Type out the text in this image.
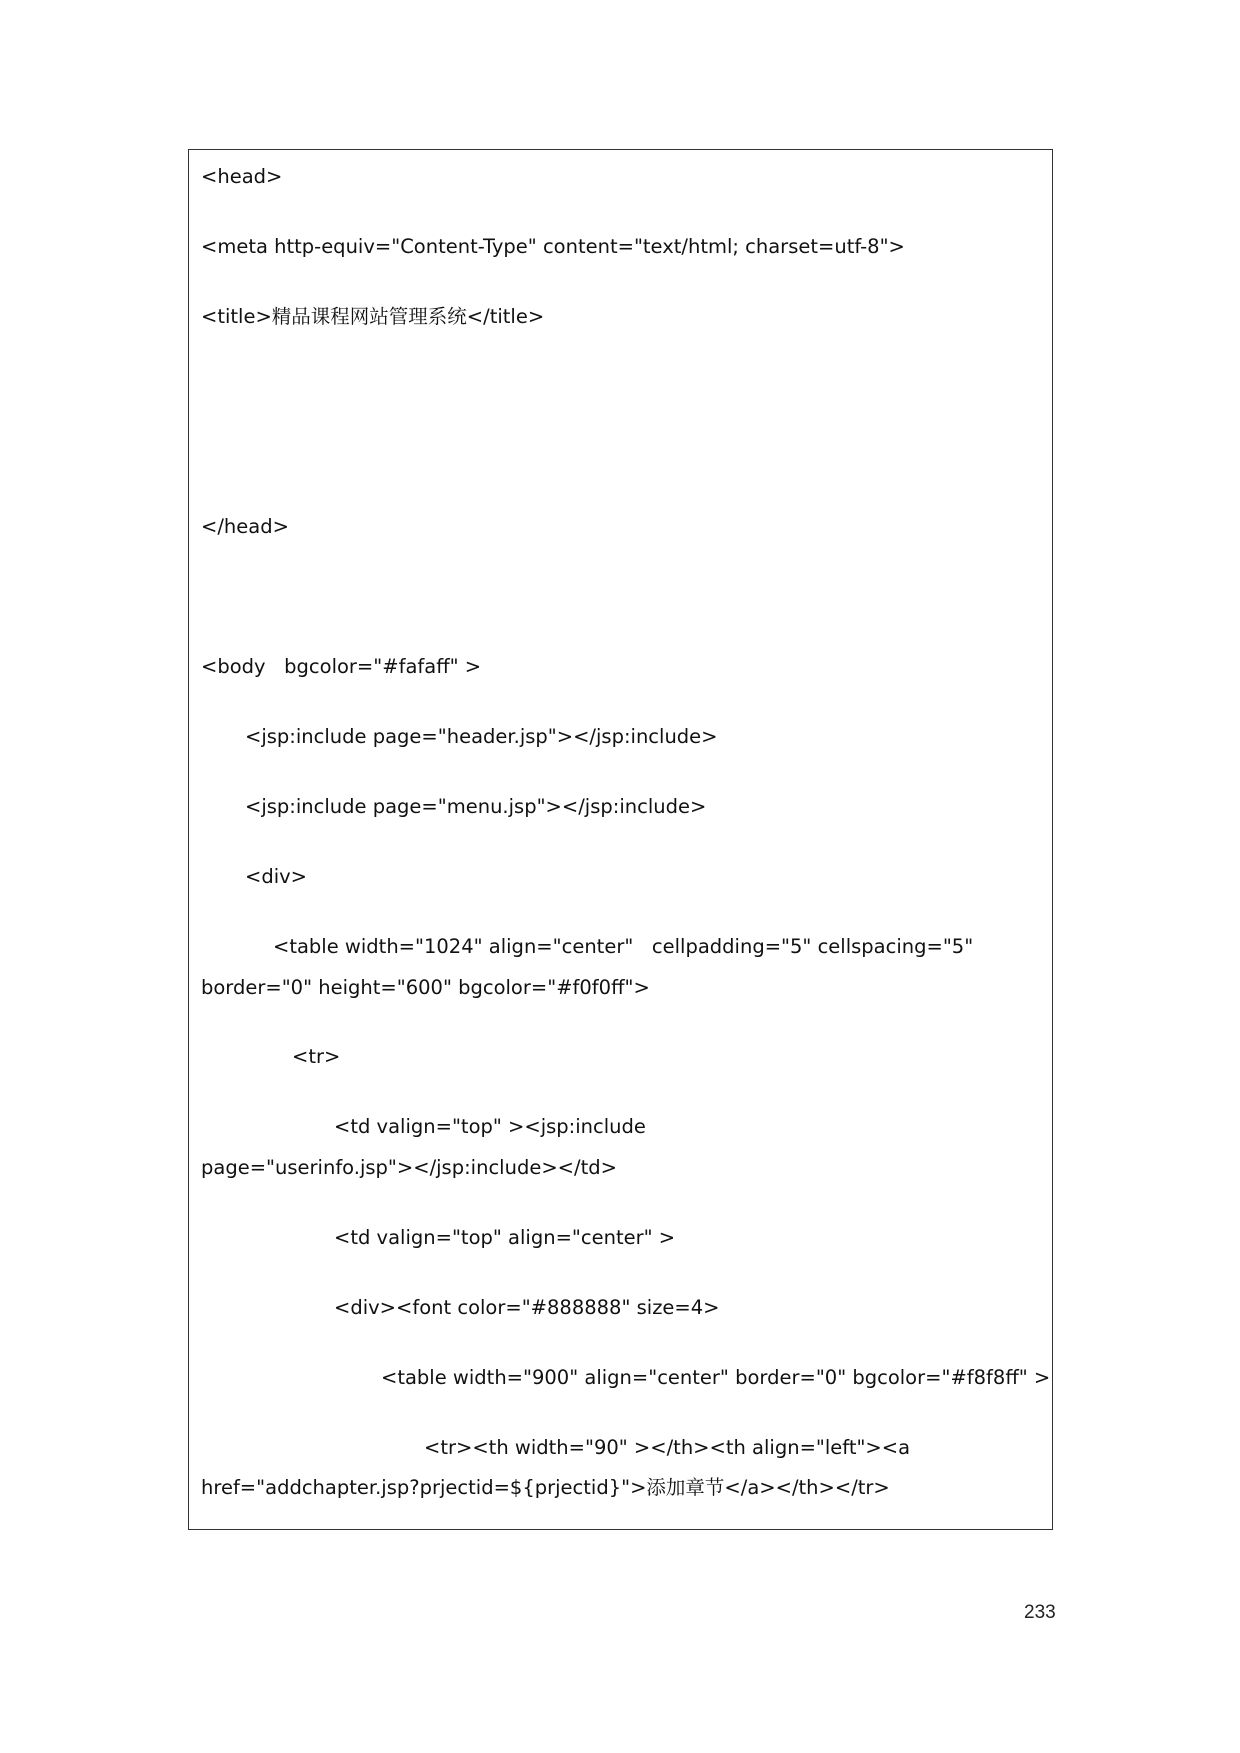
<head>
<meta http-equiv="Content-Type" content="text/html; charset=utf-8">
<title>精品课程网站管理系统</title>
</head>
<body   bgcolor="#fafaff" >
<jsp:include page="header.jsp"></jsp:include>
<jsp:include page="menu.jsp"></jsp:include>
<div>
<table width="1024" align="center"   cellpadding="5" cellspacing="5"
border="0" height="600" bgcolor="#f0f0ff">
<tr>
<td valign="top" ><jsp:include
page="userinfo.jsp"></jsp:include></td>
<td valign="top" align="center" >
<div><font color="#888888" size=4>
<table width="900" align="center" border="0" bgcolor="#f8f8ff" >
<tr><th width="90" ></th><th align="left"><a
href="addchapter.jsp?prjectid=${prjectid}">添加章节</a></th></tr>
233
